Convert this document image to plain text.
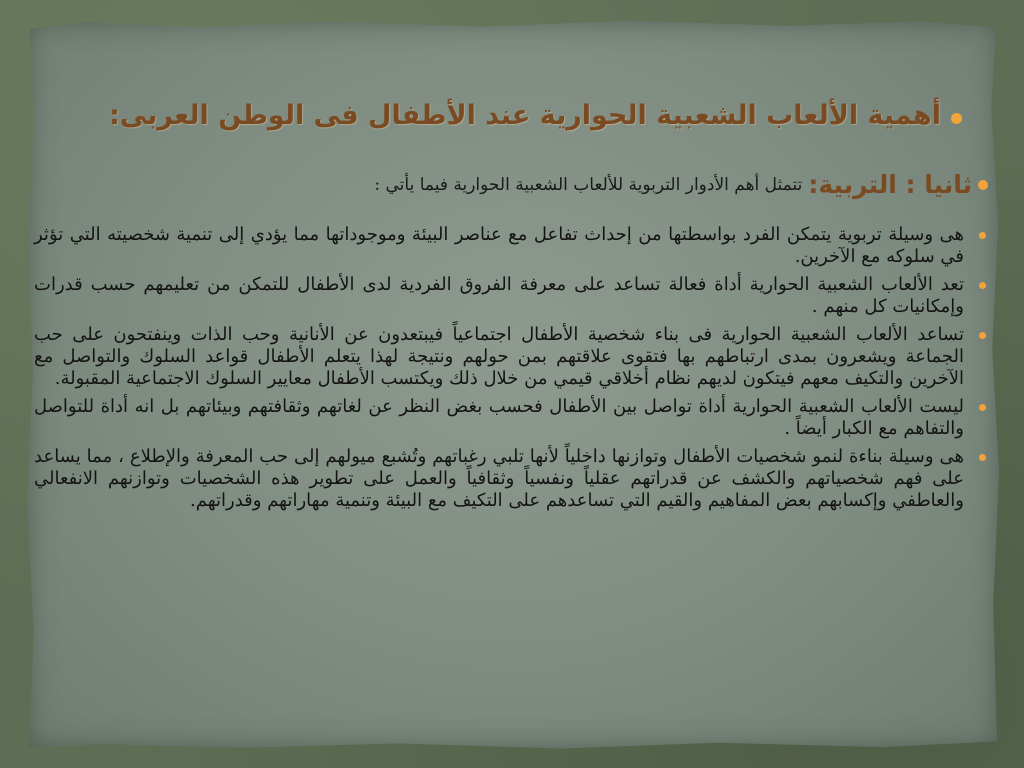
أهمية الألعاب الشعبية الحوارية عند الأطفال فى الوطن العربى:
ثانيا : التربية:
تتمثل أهم الأدوار التربوية للألعاب الشعبية الحوارية فيما يأتي :
هى وسيلة تربوية يتمكن الفرد بواسطتها من إحداث تفاعل مع عناصر البيئة وموجوداتها مما يؤدي إلى تنمية شخصيته التي تؤثر في سلوكه مع الآخرين.
تعد الألعاب الشعبية الحوارية أداة فعالة تساعد على معرفة الفروق الفردية لدى الأطفال للتمكن من تعليمهم حسب قدرات وإمكانيات كل منهم .
تساعد الألعاب الشعبية الحوارية فى بناء شخصية الأطفال اجتماعياً فيبتعدون عن الأنانية وحب الذات وينفتحون على حب الجماعة ويشعرون بمدى ارتباطهم بها فتقوى علاقتهم بمن حولهم ونتيجة لهذا يتعلم الأطفال قواعد السلوك والتواصل مع الآخرين والتكيف معهم فيتكون لديهم نظام أخلاقي قيمي من خلال ذلك ويكتسب الأطفال معايير السلوك الاجتماعية المقبولة.
ليست الألعاب الشعبية الحوارية أداة تواصل بين الأطفال فحسب بغض النظر عن لغاتهم وثقافتهم وبيئاتهم بل انه أداة للتواصل والتفاهم مع الكبار أيضاً .
هى وسيلة بناءة لنمو شخصيات الأطفال وتوازنها داخلياً لأنها تلبي رغباتهم وتُشبع ميولهم إلى حب المعرفة والإطلاع ، مما يساعد على فهم شخصياتهم والكشف عن قدراتهم عقلياً ونفسياً وثقافياً والعمل على تطوير هذه الشخصيات وتوازنهم الانفعالي والعاطفي وإكسابهم بعض المفاهيم والقيم التي تساعدهم على التكيف مع البيئة وتنمية مهاراتهم وقدراتهم.
